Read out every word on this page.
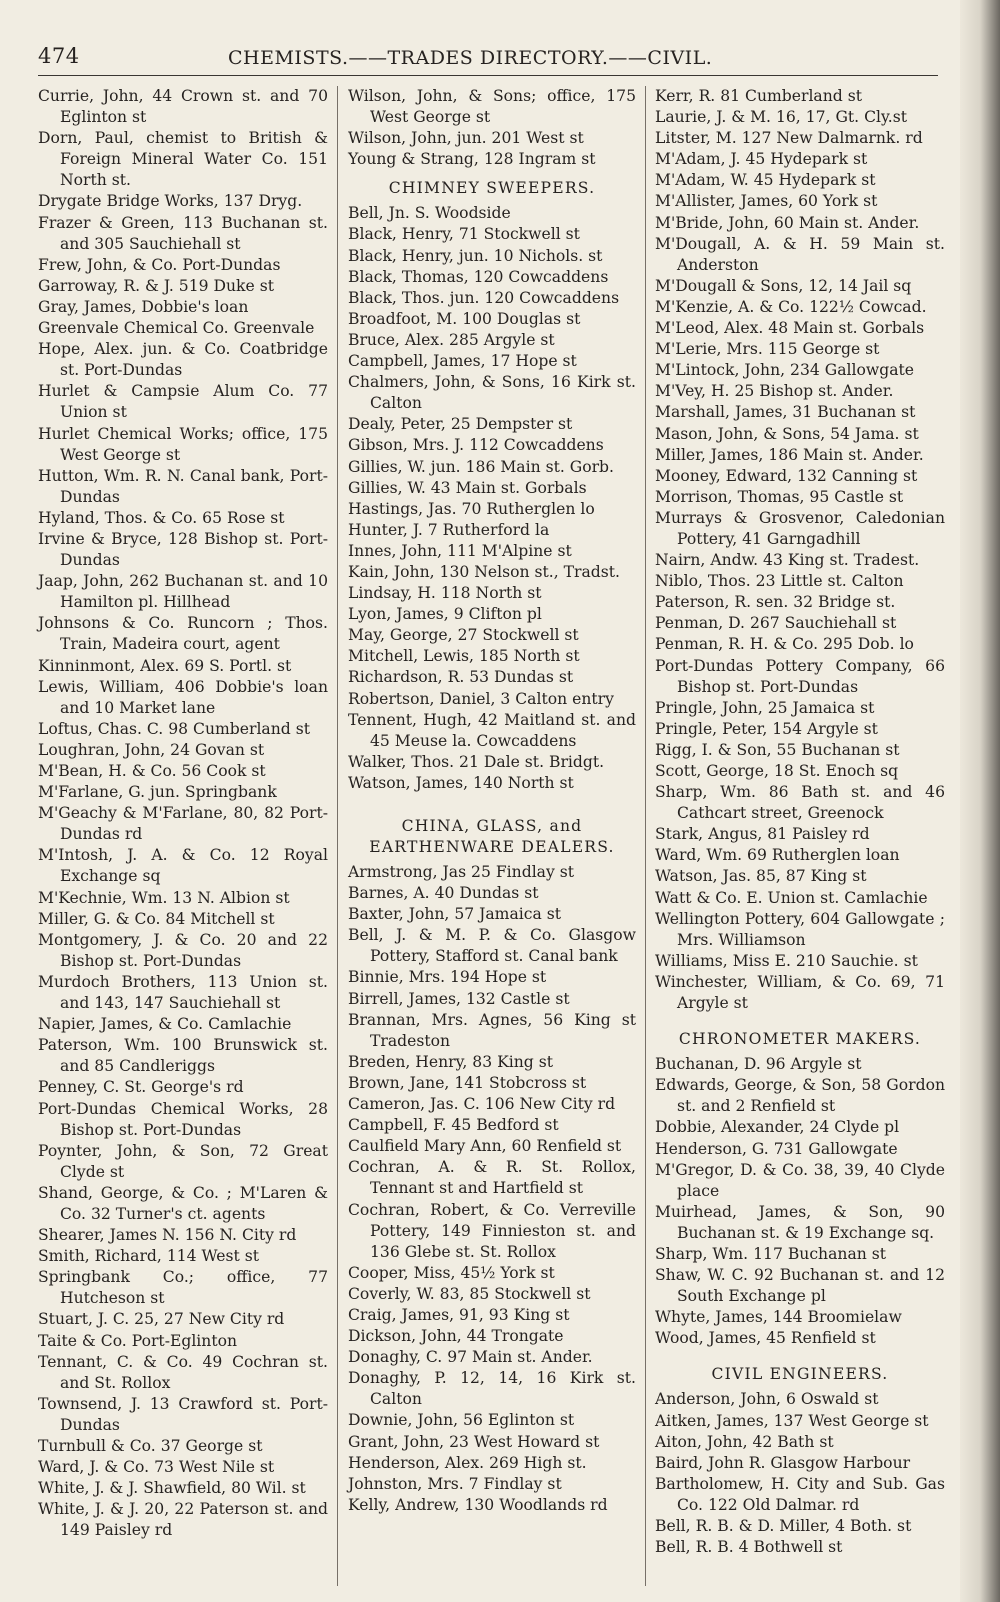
474	CHEMISTS.——TRADES DIRECTORY.——CIVIL.
Currie, John, 44 Crown st. and 70 Eglinton st
Dorn, Paul, chemist to British & Foreign Mineral Water Co. 151 North st.
Drygate Bridge Works, 137 Dryg.
Frazer & Green, 113 Buchanan st. and 305 Sauchiehall st
Frew, John, & Co. Port-Dundas
Garroway, R. & J. 519 Duke st
Gray, James, Dobbie's loan
Greenvale Chemical Co. Greenvale
Hope, Alex. jun. & Co. Coatbridge st. Port-Dundas
Hurlet & Campsie Alum Co. 77 Union st
Hurlet Chemical Works; office, 175 West George st
Hutton, Wm. R. N. Canal bank, Port-Dundas
Hyland, Thos. & Co. 65 Rose st
Irvine & Bryce, 128 Bishop st. Port-Dundas
Jaap, John, 262 Buchanan st. and 10 Hamilton pl. Hillhead
Johnsons & Co. Runcorn ; Thos. Train, Madeira court, agent
Kinninmont, Alex. 69 S. Portl. st
Lewis, William, 406 Dobbie's loan and 10 Market lane
Loftus, Chas. C. 98 Cumberland st
Loughran, John, 24 Govan st
M'Bean, H. & Co. 56 Cook st
M'Farlane, G. jun. Springbank
M'Geachy & M'Farlane, 80, 82 Port-Dundas rd
M'Intosh, J. A. & Co. 12 Royal Exchange sq
M'Kechnie, Wm. 13 N. Albion st
Miller, G. & Co. 84 Mitchell st
Montgomery, J. & Co. 20 and 22 Bishop st. Port-Dundas
Murdoch Brothers, 113 Union st. and 143, 147 Sauchiehall st
Napier, James, & Co. Camlachie
Paterson, Wm. 100 Brunswick st. and 85 Candleriggs
Penney, C. St. George's rd
Port-Dundas Chemical Works, 28 Bishop st. Port-Dundas
Poynter, John, & Son, 72 Great Clyde st
Shand, George, & Co. ; M'Laren & Co. 32 Turner's ct. agents
Shearer, James N. 156 N. City rd
Smith, Richard, 114 West st
Springbank Co.; office, 77 Hutcheson st
Stuart, J. C. 25, 27 New City rd
Taite & Co. Port-Eglinton
Tennant, C. & Co. 49 Cochran st. and St. Rollox
Townsend, J. 13 Crawford st. Port-Dundas
Turnbull & Co. 37 George st
Ward, J. & Co. 73 West Nile st
White, J. & J. Shawfield, 80 Wil. st
White, J. & J. 20, 22 Paterson st. and 149 Paisley rd
Wilson, John, & Sons; office, 175 West George st
Wilson, John, jun. 201 West st
Young & Strang, 128 Ingram st
CHIMNEY SWEEPERS.
Bell, Jn. S. Woodside
Black, Henry, 71 Stockwell st
Black, Henry, jun. 10 Nichols. st
Black, Thomas, 120 Cowcaddens
Black, Thos. jun. 120 Cowcaddens
Broadfoot, M. 100 Douglas st
Bruce, Alex. 285 Argyle st
Campbell, James, 17 Hope st
Chalmers, John, & Sons, 16 Kirk st. Calton
Dealy, Peter, 25 Dempster st
Gibson, Mrs. J. 112 Cowcaddens
Gillies, W. jun. 186 Main st. Gorb.
Gillies, W. 43 Main st. Gorbals
Hastings, Jas. 70 Rutherglen lo
Hunter, J. 7 Rutherford la
Innes, John, 111 M'Alpine st
Kain, John, 130 Nelson st., Tradst.
Lindsay, H. 118 North st
Lyon, James, 9 Clifton pl
May, George, 27 Stockwell st
Mitchell, Lewis, 185 North st
Richardson, R. 53 Dundas st
Robertson, Daniel, 3 Calton entry
Tennent, Hugh, 42 Maitland st. and 45 Meuse la. Cowcaddens
Walker, Thos. 21 Dale st. Bridgt.
Watson, James, 140 North st
CHINA, GLASS, and EARTHENWARE DEALERS.
Armstrong, Jas 25 Findlay st
Barnes, A. 40 Dundas st
Baxter, John, 57 Jamaica st
Bell, J. & M. P. & Co. Glasgow Pottery, Stafford st. Canal bank
Binnie, Mrs. 194 Hope st
Birrell, James, 132 Castle st
Brannan, Mrs. Agnes, 56 King st Tradeston
Breden, Henry, 83 King st
Brown, Jane, 141 Stobcross st
Cameron, Jas. C. 106 New City rd
Campbell, F. 45 Bedford st
Caulfield Mary Ann, 60 Renfield st
Cochran, A. & R. St. Rollox, Tennant st and Hartfield st
Cochran, Robert, & Co. Verreville Pottery, 149 Finnieston st. and 136 Glebe st. St. Rollox
Cooper, Miss, 45½ York st
Coverly, W. 83, 85 Stockwell st
Craig, James, 91, 93 King st
Dickson, John, 44 Trongate
Donaghy, C. 97 Main st. Ander.
Donaghy, P. 12, 14, 16 Kirk st. Calton
Downie, John, 56 Eglinton st
Grant, John, 23 West Howard st
Henderson, Alex. 269 High st.
Johnston, Mrs. 7 Findlay st
Kelly, Andrew, 130 Woodlands rd
Kerr, R. 81 Cumberland st
Laurie, J. & M. 16, 17, Gt. Cly.st
Litster, M. 127 New Dalmarnk. rd
M'Adam, J. 45 Hydepark st
M'Adam, W. 45 Hydepark st
M'Allister, James, 60 York st
M'Bride, John, 60 Main st. Ander.
M'Dougall, A. & H. 59 Main st. Anderston
M'Dougall & Sons, 12, 14 Jail sq
M'Kenzie, A. & Co. 122½ Cowcad.
M'Leod, Alex. 48 Main st. Gorbals
M'Lerie, Mrs. 115 George st
M'Lintock, John, 234 Gallowgate
M'Vey, H. 25 Bishop st. Ander.
Marshall, James, 31 Buchanan st
Mason, John, & Sons, 54 Jama. st
Miller, James, 186 Main st. Ander.
Mooney, Edward, 132 Canning st
Morrison, Thomas, 95 Castle st
Murrays & Grosvenor, Caledonian Pottery, 41 Garngadhill
Nairn, Andw. 43 King st. Tradest.
Niblo, Thos. 23 Little st. Calton
Paterson, R. sen. 32 Bridge st.
Penman, D. 267 Sauchiehall st
Penman, R. H. & Co. 295 Dob. lo
Port-Dundas Pottery Company, 66 Bishop st. Port-Dundas
Pringle, John, 25 Jamaica st
Pringle, Peter, 154 Argyle st
Rigg, I. & Son, 55 Buchanan st
Scott, George, 18 St. Enoch sq
Sharp, Wm. 86 Bath st. and 46 Cathcart street, Greenock
Stark, Angus, 81 Paisley rd
Ward, Wm. 69 Rutherglen loan
Watson, Jas. 85, 87 King st
Watt & Co. E. Union st. Camlachie
Wellington Pottery, 604 Gallowgate ; Mrs. Williamson
Williams, Miss E. 210 Sauchie. st
Winchester, William, & Co. 69, 71 Argyle st
CHRONOMETER MAKERS.
Buchanan, D. 96 Argyle st
Edwards, George, & Son, 58 Gordon st. and 2 Renfield st
Dobbie, Alexander, 24 Clyde pl
Henderson, G. 731 Gallowgate
M'Gregor, D. & Co. 38, 39, 40 Clyde place
Muirhead, James, & Son, 90 Buchanan st. & 19 Exchange sq.
Sharp, Wm. 117 Buchanan st
Shaw, W. C. 92 Buchanan st. and 12 South Exchange pl
Whyte, James, 144 Broomielaw
Wood, James, 45 Renfield st
CIVIL ENGINEERS.
Anderson, John, 6 Oswald st
Aitken, James, 137 West George st
Aiton, John, 42 Bath st
Baird, John R. Glasgow Harbour
Bartholomew, H. City and Sub. Gas Co. 122 Old Dalmar. rd
Bell, R. B. & D. Miller, 4 Both. st
Bell, R. B. 4 Bothwell st
